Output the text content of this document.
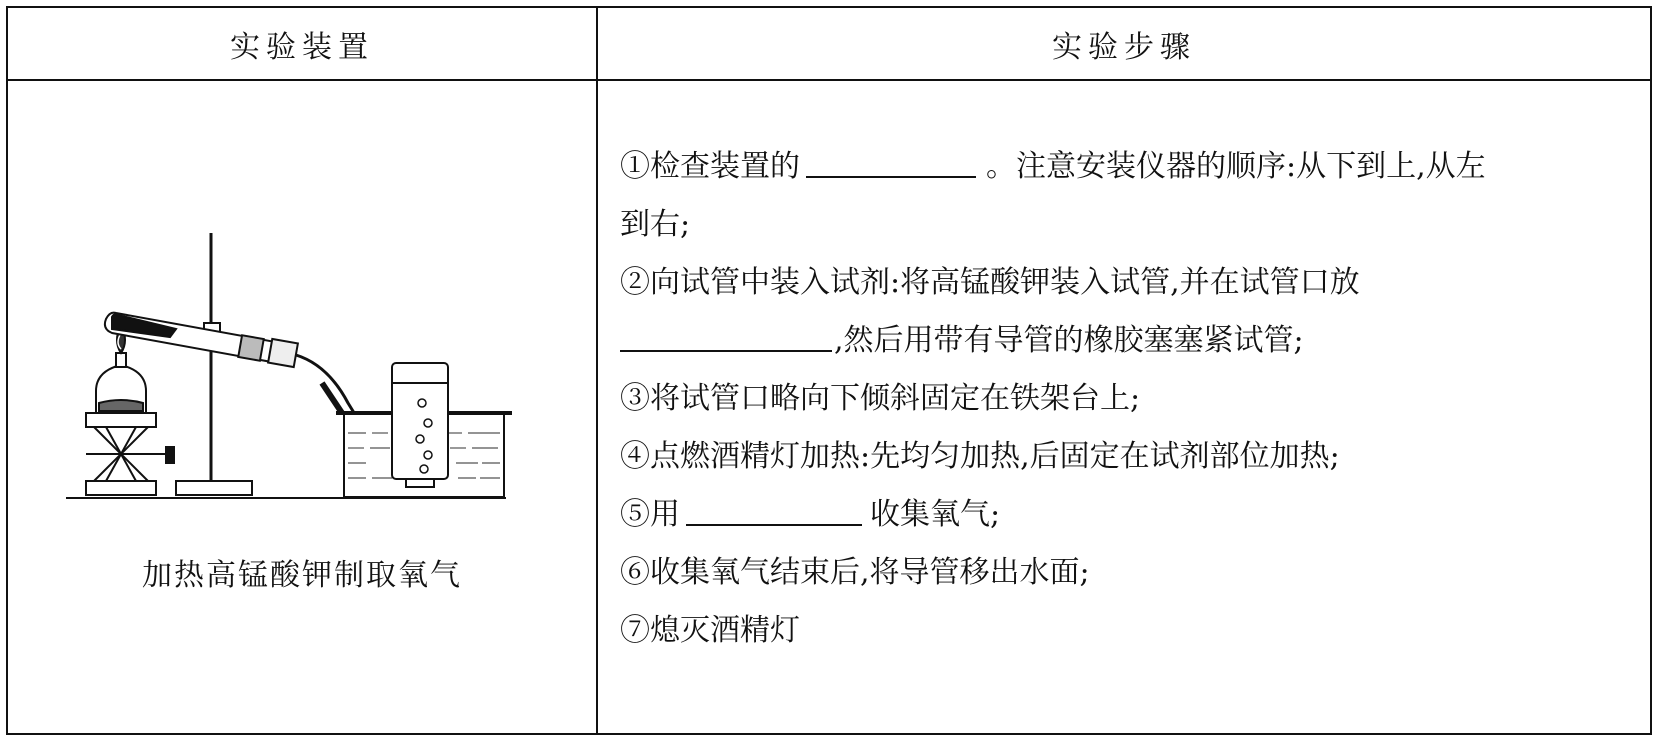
实验装置	实验步骤
加热高锰酸钾制取氧气
①检查装置的	。注意安装仪器的顺序:从下到上,从左
到右;
②向试管中装入试剂:将高锰酸钾装入试管,并在试管口放
,然后用带有导管的橡胶塞塞紧试管;
③将试管口略向下倾斜固定在铁架台上;
④点燃酒精灯加热:先均匀加热,后固定在试剂部位加热;
⑤用	收集氧气;
⑥收集氧气结束后,将导管移出水面;
⑦熄灭酒精灯
